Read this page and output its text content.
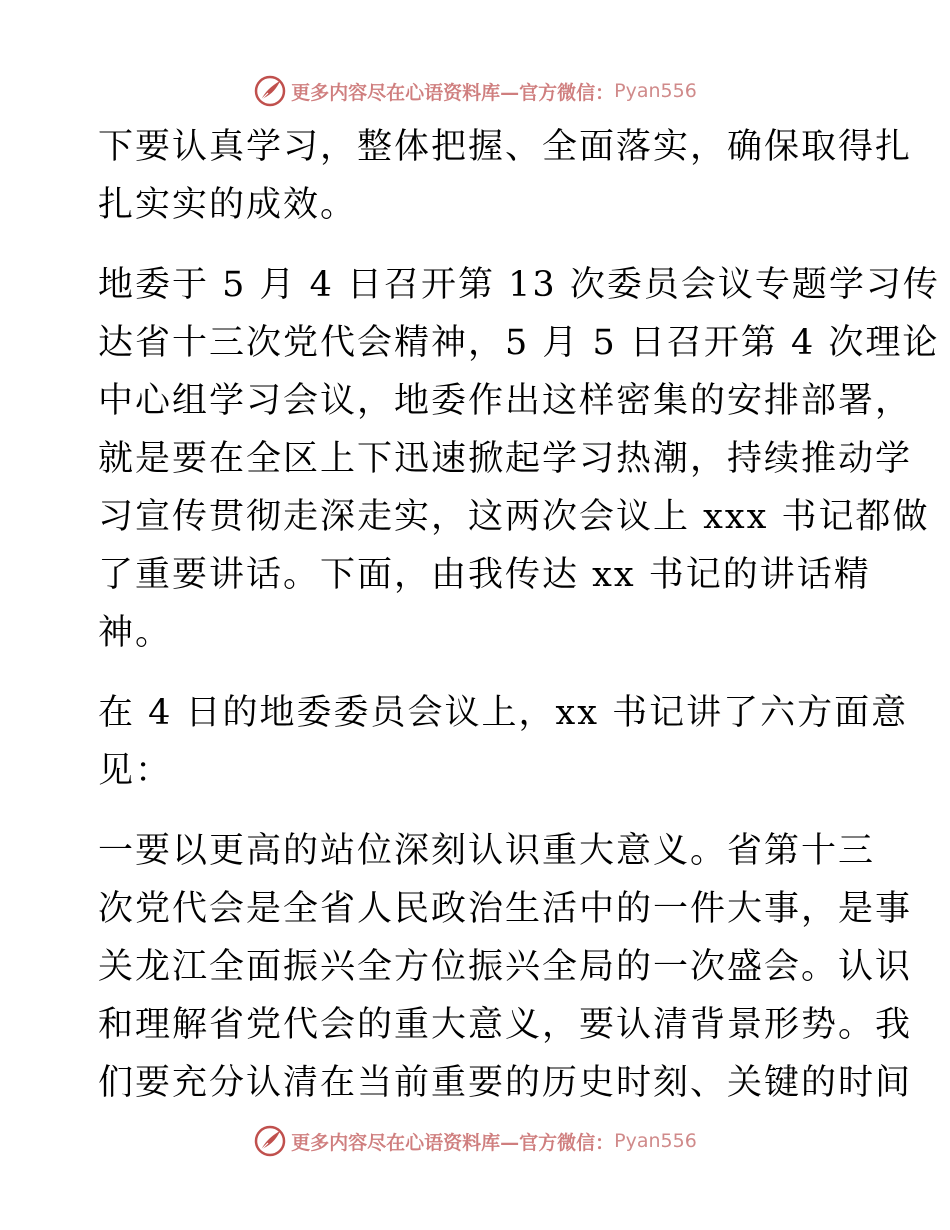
更多内容尽在心语资料库—官方微信： Pyan556

下要认真学习，整体把握、全面落实，确保取得扎

扎实实的成效。

地委于 5 月 4 日召开第 13 次委员会议专题学习传

达省十三次党代会精神，5 月 5 日召开第 4 次理论

中心组学习会议，地委作出这样密集的安排部署，

就是要在全区上下迅速掀起学习热潮，持续推动学

习宣传贯彻走深走实，这两次会议上 xxx 书记都做

了重要讲话。下面，由我传达 xx 书记的讲话精

神。

在 4 日的地委委员会议上，xx 书记讲了六方面意

见：

一要以更高的站位深刻认识重大意义。省第十三

次党代会是全省人民政治生活中的一件大事，是事

关龙江全面振兴全方位振兴全局的一次盛会。认识

和理解省党代会的重大意义，要认清背景形势。我

们要充分认清在当前重要的历史时刻、关键的时间

更多内容尽在心语资料库—官方微信： Pyan556
